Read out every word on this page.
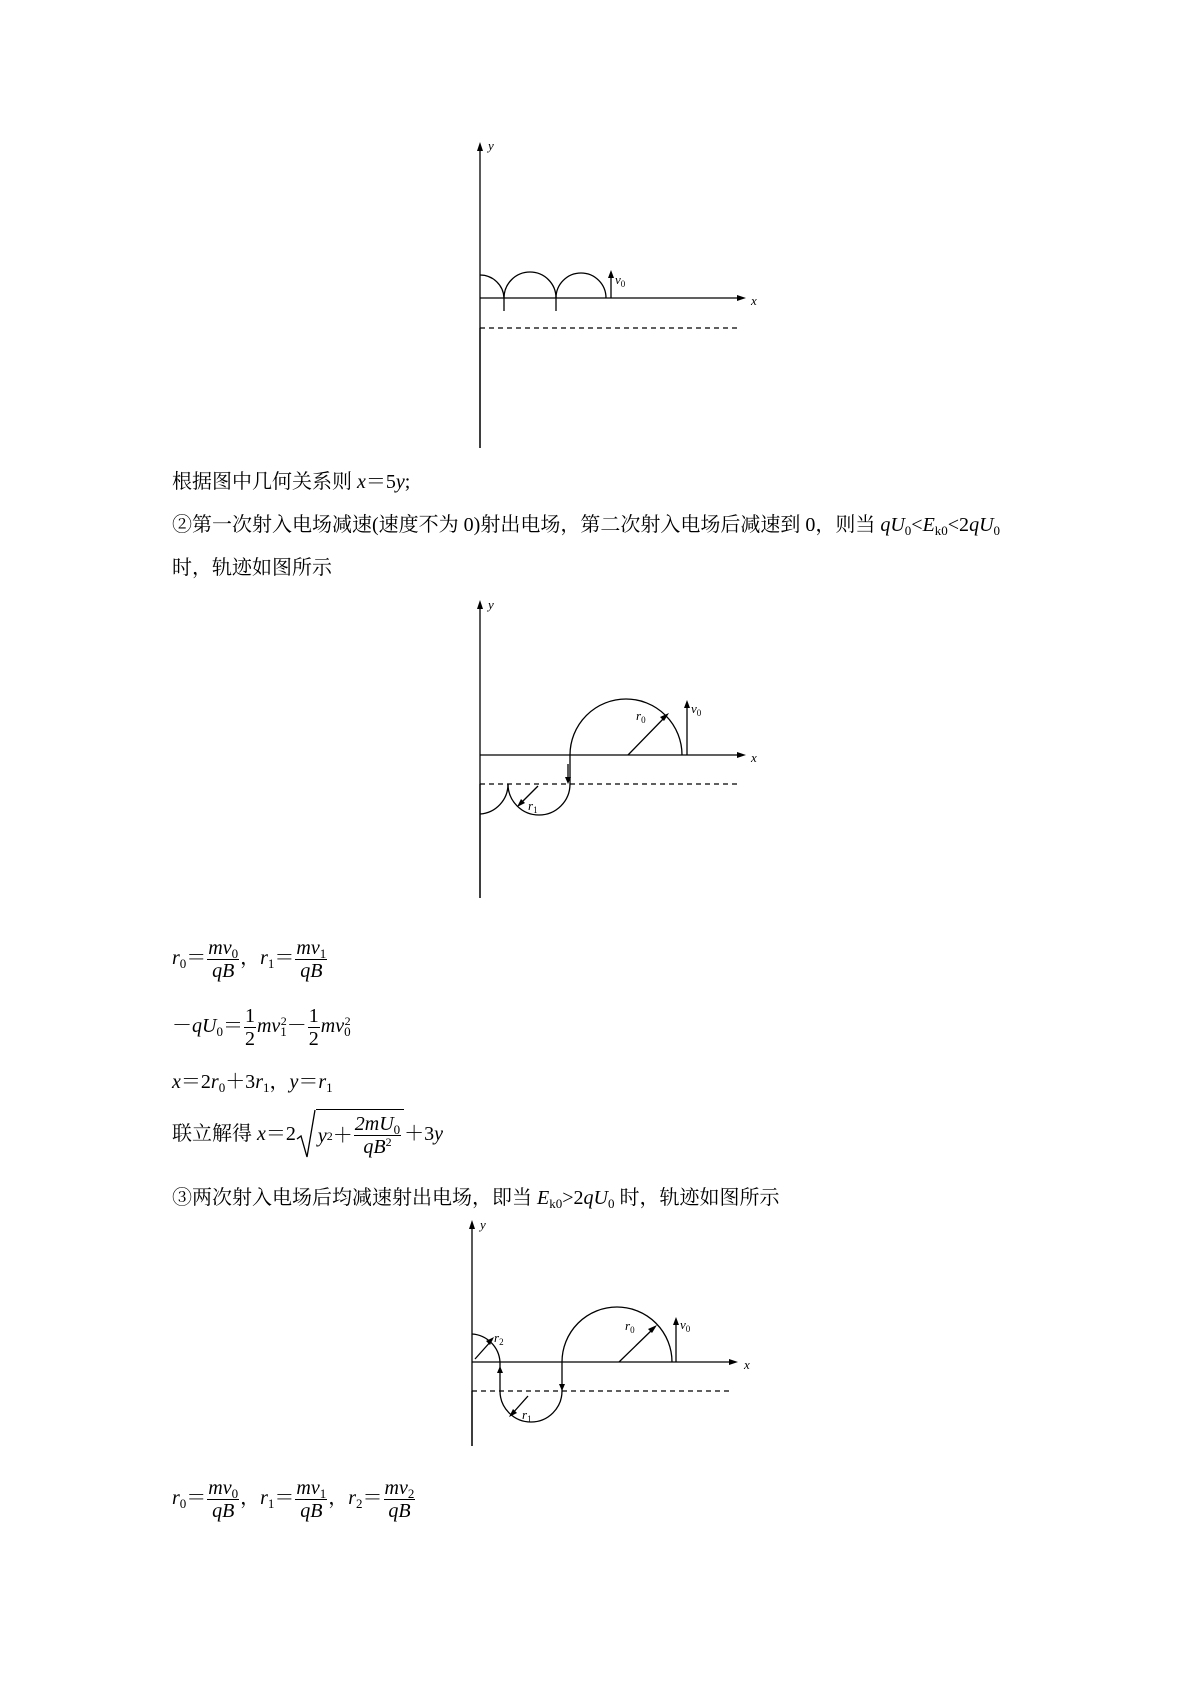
y
x
$v_0$
根据图中几何关系则 x＝5y;
②第一次射入电场减速(速度不为 0)射出电场，第二次射入电场后减速到 0，则当 $qU_0<E_{k0}<2qU_0$
时，轨迹如图所示
y
x
$v_0$
$r_0$
$r_1$
$r_0= \frac{mv_0}{qB}$ ，$r_1= \frac{mv_1}{qB}$
$-qU_0= \frac{1}{2} mv_1^2- \frac{1}{2} mv_0^2$
$x=2r_0+3r_1$，$y=r_1$
联立解得 x＝2 y $2 + \frac{2mU_0}{qB^2} +3y$
③两次射入电场后均减速射出电场，即当 $E_{k0}>2qU_0$ 时，轨迹如图所示
y
x
$r_2$
$r_1$
$v_0$
$r_0$
$r_0= \frac{mv_0}{qB}$ ，$r_1= \frac{mv_1}{qB}$ ，$r_2= \frac{mv_2}{qB}$
